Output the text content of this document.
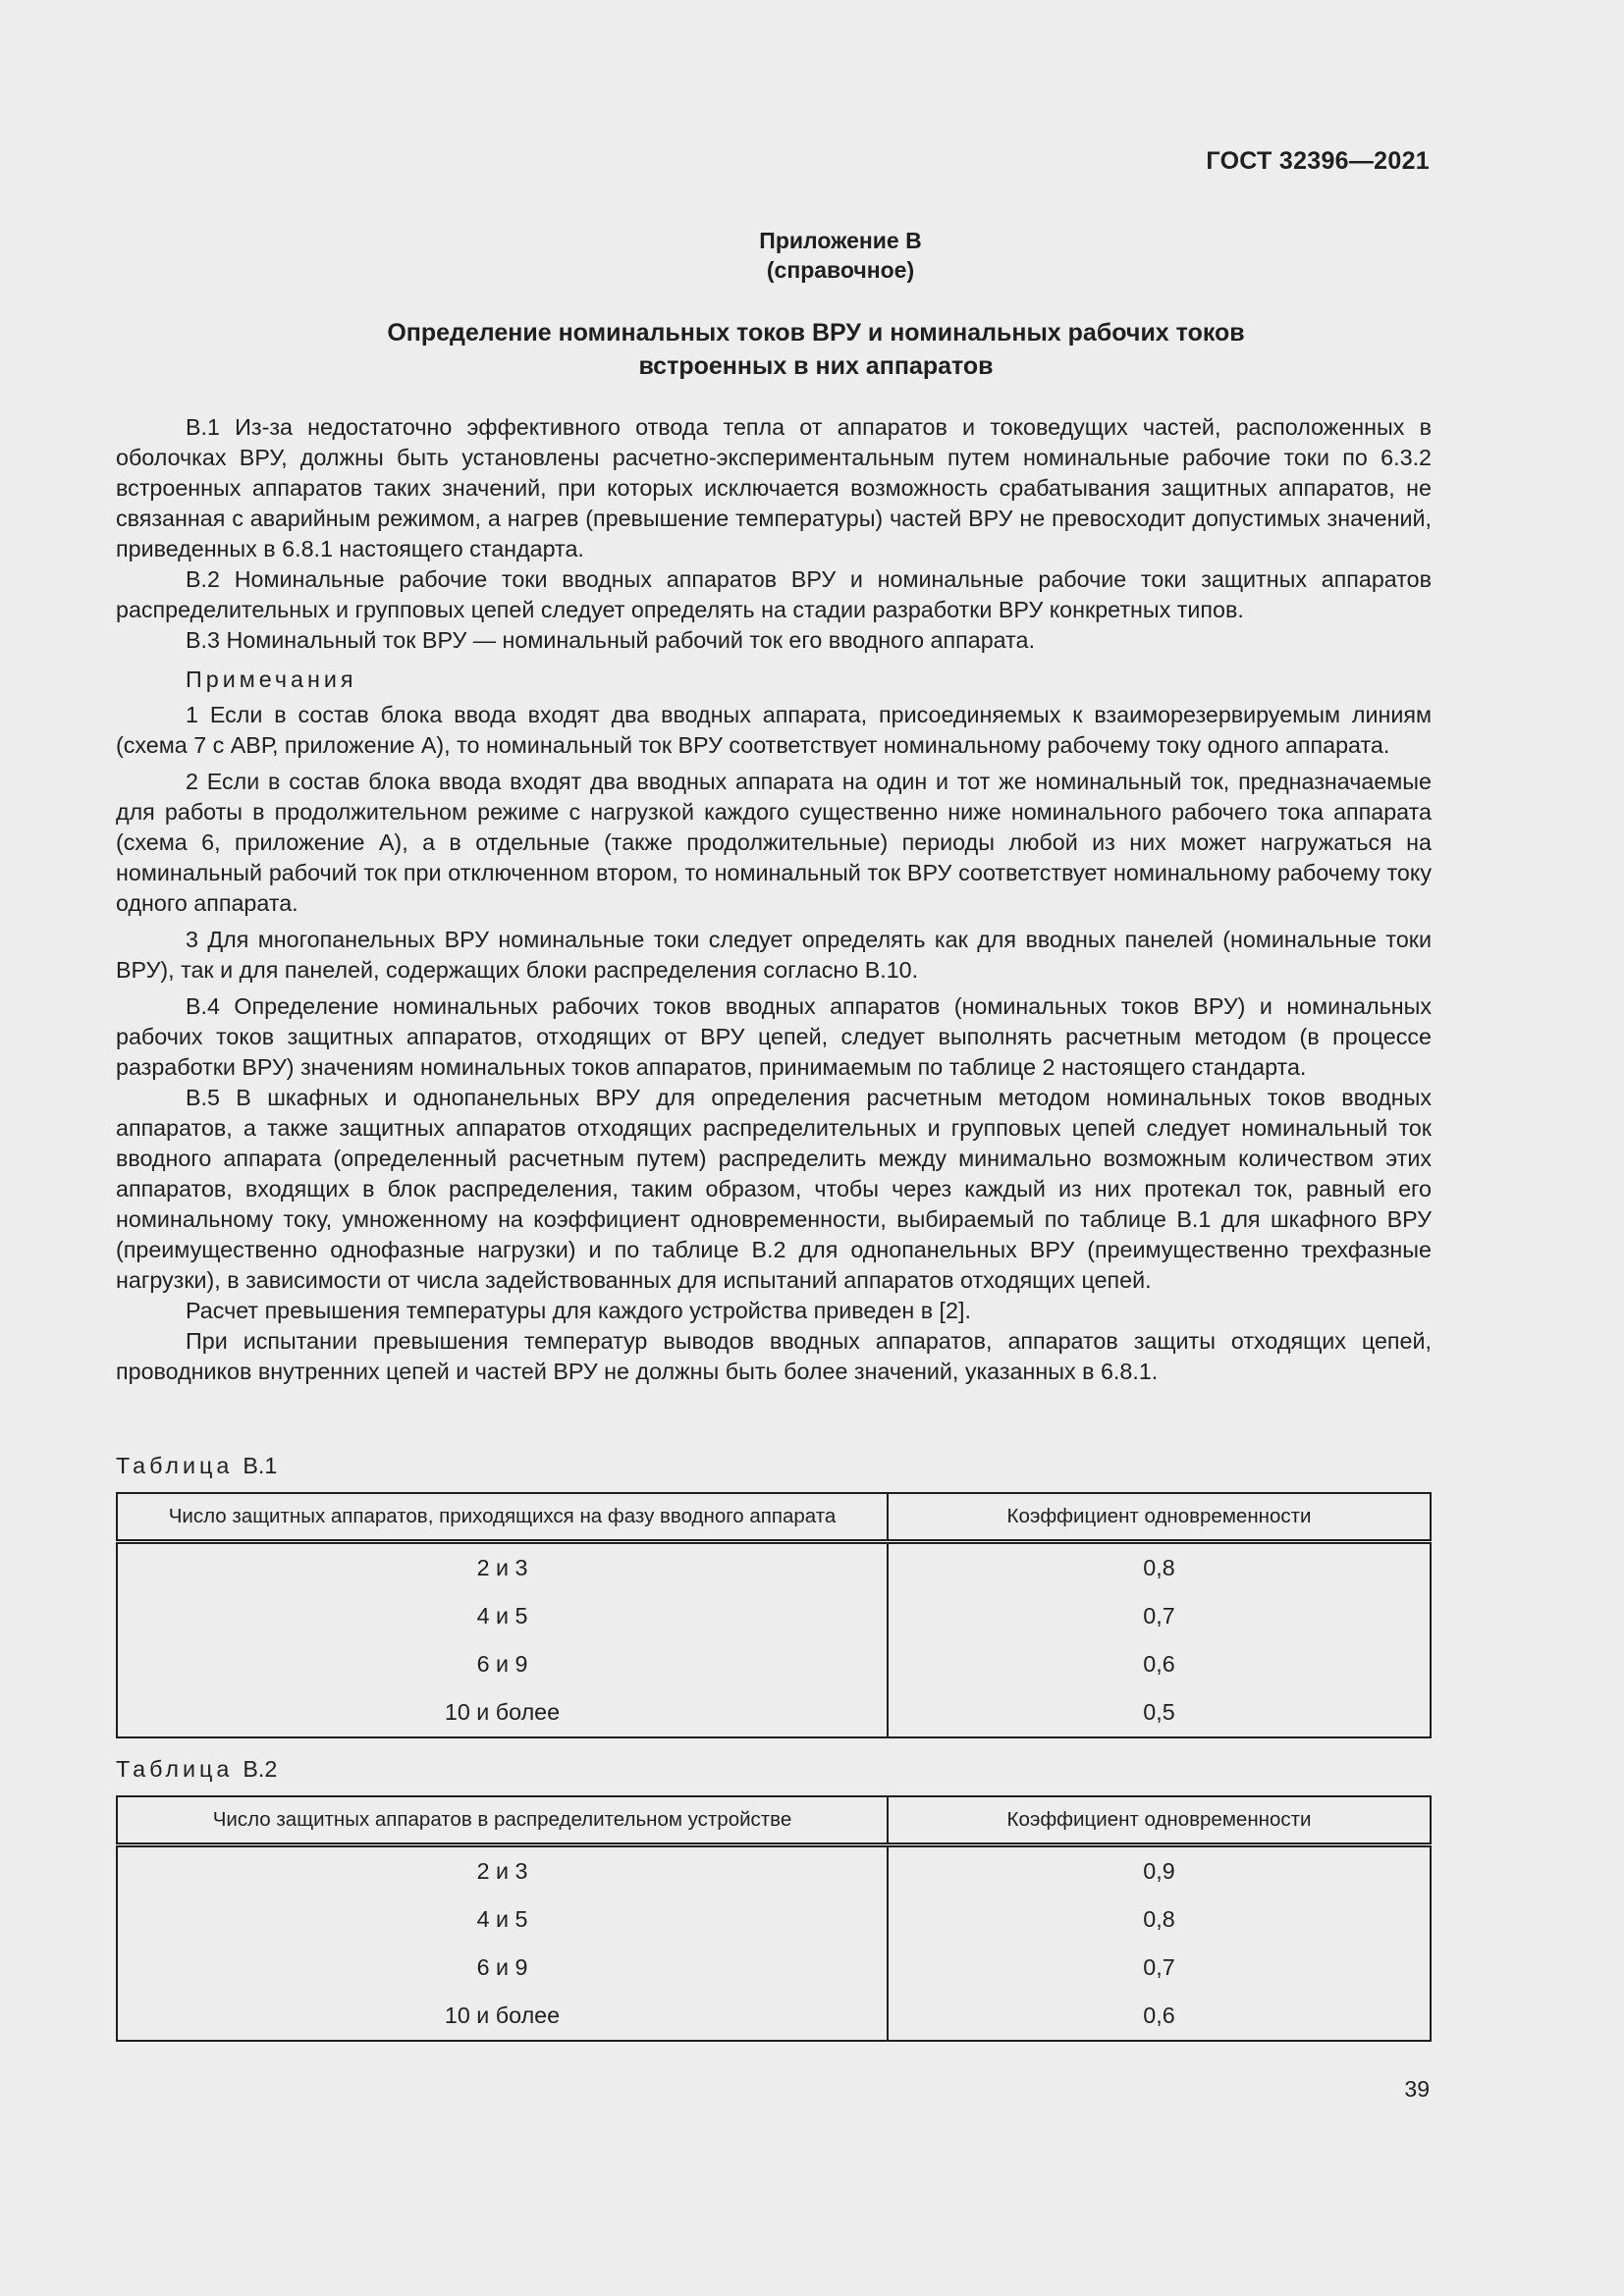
ГОСТ 32396—2021
Приложение В
(справочное)
Определение номинальных токов ВРУ и номинальных рабочих токов
встроенных в них аппаратов

В.1 Из-за недостаточно эффективного отвода тепла от аппаратов и токоведущих частей, расположенных в оболочках ВРУ, должны быть установлены расчетно-экспериментальным путем номинальные рабочие токи по 6.3.2 встроенных аппаратов таких значений, при которых исключается возможность срабатывания защитных аппаратов, не связанная с аварийным режимом, а нагрев (превышение температуры) частей ВРУ не превосходит допустимых значений, приведенных в 6.8.1 настоящего стандарта.

В.2 Номинальные рабочие токи вводных аппаратов ВРУ и номинальные рабочие токи защитных аппаратов распределительных и групповых цепей следует определять на стадии разработки ВРУ конкретных типов.

В.3 Номинальный ток ВРУ — номинальный рабочий ток его вводного аппарата.

Примечания

1 Если в состав блока ввода входят два вводных аппарата, присоединяемых к взаиморезервируемым линиям (схема 7 с АВР, приложение А), то номинальный ток ВРУ соответствует номинальному рабочему току одного аппарата.

2 Если в состав блока ввода входят два вводных аппарата на один и тот же номинальный ток, предназначаемые для работы в продолжительном режиме с нагрузкой каждого существенно ниже номинального рабочего тока аппарата (схема 6, приложение А), а в отдельные (также продолжительные) периоды любой из них может нагружаться на номинальный рабочий ток при отключенном втором, то номинальный ток ВРУ соответствует номинальному рабочему току одного аппарата.

3 Для многопанельных ВРУ номинальные токи следует определять как для вводных панелей (номинальные токи ВРУ), так и для панелей, содержащих блоки распределения согласно В.10.

В.4 Определение номинальных рабочих токов вводных аппаратов (номинальных токов ВРУ) и номинальных рабочих токов защитных аппаратов, отходящих от ВРУ цепей, следует выполнять расчетным методом (в процессе разработки ВРУ) значениям номинальных токов аппаратов, принимаемым по таблице 2 настоящего стандарта.

В.5 В шкафных и однопанельных ВРУ для определения расчетным методом номинальных токов вводных аппаратов, а также защитных аппаратов отходящих распределительных и групповых цепей следует номинальный ток вводного аппарата (определенный расчетным путем) распределить между минимально возможным количеством этих аппаратов, входящих в блок распределения, таким образом, чтобы через каждый из них протекал ток, равный его номинальному току, умноженному на коэффициент одновременности, выбираемый по таблице В.1 для шкафного ВРУ (преимущественно однофазные нагрузки) и по таблице В.2 для однопанельных ВРУ (преимущественно трехфазные нагрузки), в зависимости от числа задействованных для испытаний аппаратов отходящих цепей.

Расчет превышения температуры для каждого устройства приведен в [2].

При испытании превышения температур выводов вводных аппаратов, аппаратов защиты отходящих цепей, проводников внутренних цепей и частей ВРУ не должны быть более значений, указанных в 6.8.1.

Таблица В.1
Число защитных аппаратов, приходящихся на фазу вводного аппарата	Коэффициент одновременности
2 и 3	0,8
4 и 5	0,7
6 и 9	0,6
10 и более	0,5
Таблица В.2
Число защитных аппаратов в распределительном устройстве	Коэффициент одновременности
2 и 3	0,9
4 и 5	0,8
6 и 9	0,7
10 и более	0,6
39
